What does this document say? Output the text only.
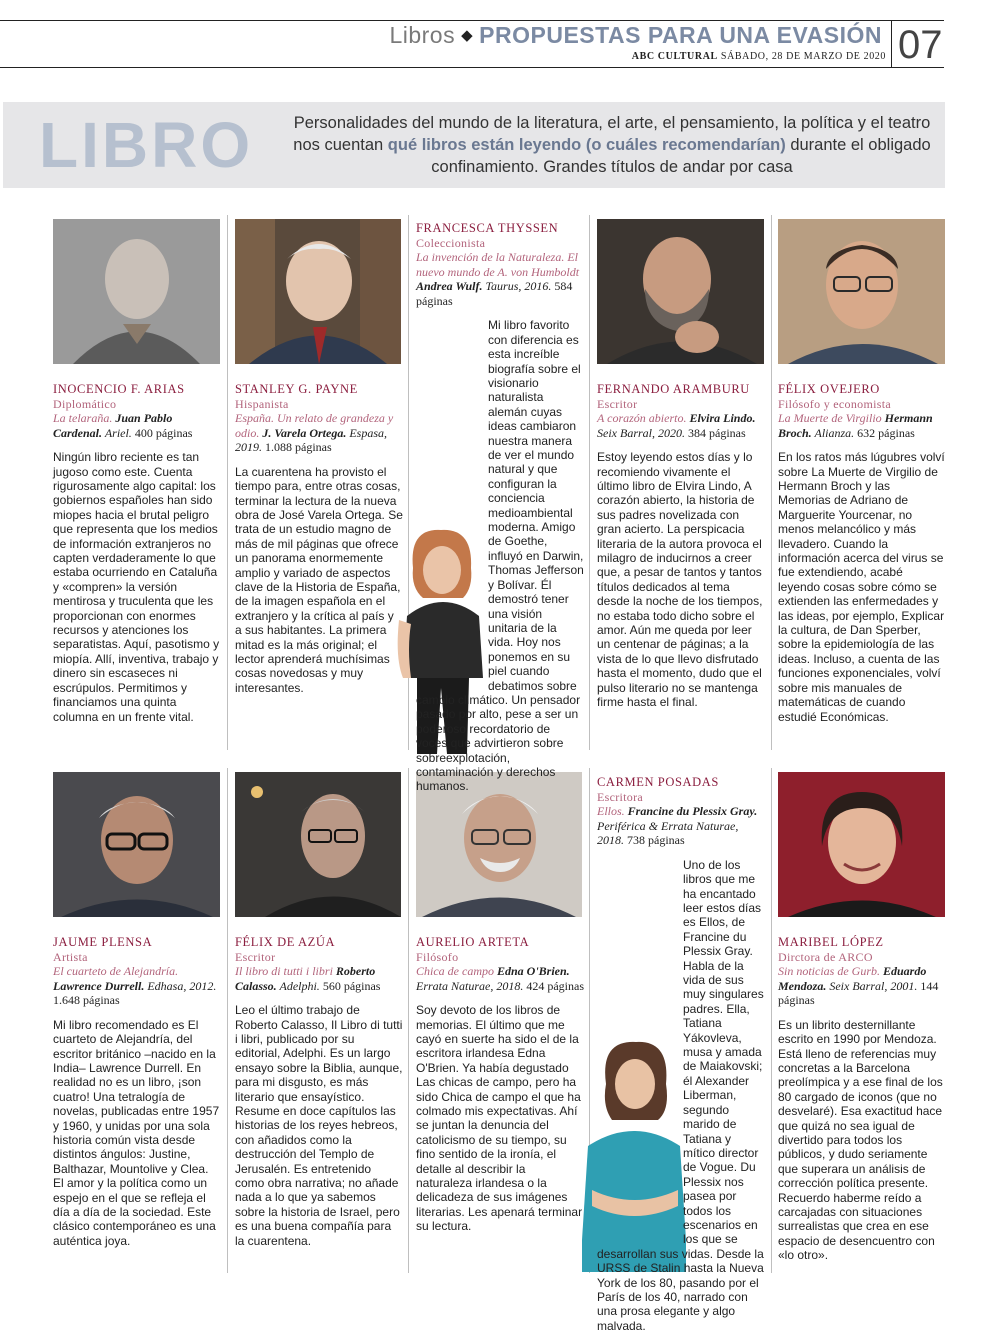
Libros ◆ PROPUESTAS PARA UNA EVASIÓN
ABC CULTURAL SÁBADO, 28 DE MARZO DE 2020 07
LIBRO	Personalidades del mundo de la literatura, el arte, el pensamiento, la política y el teatro nos cuentan qué libros están leyendo (o cuáles recomendarían) durante el obligado confinamiento. Grandes títulos de andar por casa
INOCENCIO F. ARIAS
Diplomático
La telaraña. Juan Pablo Cardenal. Ariel. 400 páginas
Ningún libro reciente es tan jugoso como este. Cuenta rigurosamente algo capital: los gobiernos españoles han sido miopes hacia el brutal peligro que representa que los medios de información extranjeros no capten verdaderamente lo que estaba ocurriendo en Cataluña y «compren» la versión mentirosa y truculenta que les proporcionan con enormes recursos y atenciones los separatistas. Aquí, pasotismo y miopía. Allí, inventiva, trabajo y dinero sin escaseces ni escrúpulos. Permitimos y financiamos una quinta columna en un frente vital.
STANLEY G. PAYNE
Hispanista
España. Un relato de grandeza y odio. J. Varela Ortega. Espasa, 2019. 1.088 páginas
La cuarentena ha provisto el tiempo para, entre otras cosas, terminar la lectura de la nueva obra de José Varela Ortega. Se trata de un estudio magno de más de mil páginas que ofrece un panorama enormemente amplio y variado de aspectos clave de la Historia de España, de la imagen española en el extranjero y la crítica al país y a sus habitantes. La primera mitad es la más original; el lector aprenderá muchísimas cosas novedosas y muy interesantes.
FRANCESCA THYSSEN
Coleccionista
La invención de la Naturaleza. El nuevo mundo de A. von Humboldt Andrea Wulf. Taurus, 2016. 584 páginas
Mi libro favorito con diferencia es esta increíble biografía sobre el visionario naturalista alemán cuyas ideas cambiaron nuestra manera de ver el mundo natural y que configuran la conciencia medioambiental moderna. Amigo de Goethe, influyó en Darwin, Thomas Jefferson y Bolívar. Él demostró tener una visión unitaria de la vida. Hoy nos ponemos en su piel cuando debatimos sobre cambio climático. Un pensador pasado por alto, pese a ser un poderoso recordatorio de voces que advirtieron sobre sobreexplotación, contaminación y derechos humanos.
FERNANDO ARAMBURU
Escritor
A corazón abierto. Elvira Lindo. Seix Barral, 2020. 384 páginas
Estoy leyendo estos días y lo recomiendo vivamente el último libro de Elvira Lindo, A corazón abierto, la historia de sus padres novelizada con gran acierto. La perspicacia literaria de la autora provoca el milagro de inducirnos a creer que, a pesar de tantos y tantos títulos dedicados al tema desde la noche de los tiempos, no estaba todo dicho sobre el amor. Aún me queda por leer un centenar de páginas; a la vista de lo que llevo disfrutado hasta el momento, dudo que el pulso literario no se mantenga firme hasta el final.
FÉLIX OVEJERO
Filósofo y economista
La Muerte de Virgilio Hermann Broch. Alianza. 632 páginas
En los ratos más lúgubres volví sobre La Muerte de Virgilio de Hermann Broch y las Memorias de Adriano de Marguerite Yourcenar, no menos melancólico y más llevadero. Cuando la información acerca del virus se fue extendiendo, acabé leyendo cosas sobre cómo se extienden las enfermedades y las ideas, por ejemplo, Explicar la cultura, de Dan Sperber, sobre la epidemiología de las ideas. Incluso, a cuenta de las funciones exponenciales, volví sobre mis manuales de matemáticas de cuando estudié Económicas.
JAUME PLENSA
Artista
El cuarteto de Alejandría. Lawrence Durrell. Edhasa, 2012. 1.648 páginas
Mi libro recomendado es El cuarteto de Alejandría, del escritor británico –nacido en la India– Lawrence Durrell. En realidad no es un libro, ¡son cuatro! Una tetralogía de novelas, publicadas entre 1957 y 1960, y unidas por una sola historia común vista desde distintos ángulos: Justine, Balthazar, Mountolive y Clea. El amor y la política como un espejo en el que se refleja el día a día de la sociedad. Este clásico contemporáneo es una auténtica joya.
FÉLIX DE AZÚA
Escritor
Il libro di tutti i libri Roberto Calasso. Adelphi. 560 páginas
Leo el último trabajo de Roberto Calasso, Il Libro di tutti i libri, publicado por su editorial, Adelphi. Es un largo ensayo sobre la Biblia, aunque, para mi disgusto, es más literario que ensayístico. Resume en doce capítulos las historias de los reyes hebreos, con añadidos como la destrucción del Templo de Jerusalén. Es entretenido como obra narrativa; no añade nada a lo que ya sabemos sobre la historia de Israel, pero es una buena compañía para la cuarentena.
AURELIO ARTETA
Filósofo
Chica de campo Edna O'Brien. Errata Naturae, 2018. 424 páginas
Soy devoto de los libros de memorias. El último que me cayó en suerte ha sido el de la escritora irlandesa Edna O'Brien. Ya había degustado Las chicas de campo, pero ha sido Chica de campo el que ha colmado mis expectativas. Ahí se juntan la denuncia del catolicismo de su tiempo, su fino sentido de la ironía, el detalle al describir la naturaleza irlandesa o la delicadeza de sus imágenes literarias. Les apenará terminar su lectura.
CARMEN POSADAS
Escritora
Ellos. Francine du Plessix Gray. Periférica & Errata Naturae, 2018. 738 páginas
Uno de los libros que me ha encantado leer estos días es Ellos, de Francine du Plessix Gray. Habla de la vida de sus muy singulares padres. Ella, Tatiana Yákovleva, musa y amada de Maiakovski; él Alexander Liberman, segundo marido de Tatiana y mítico director de Vogue. Du Plessix nos pasea por todos los escenarios en los que se desarrollan sus vidas. Desde la URSS de Stalin hasta la Nueva York de los 80, pasando por el París de los 40, narrado con una prosa elegante y algo malvada.
MARIBEL LÓPEZ
Dirctora de ARCO
Sin noticias de Gurb. Eduardo Mendoza. Seix Barral, 2001. 144 páginas
Es un librito desternillante escrito en 1990 por Mendoza. Está lleno de referencias muy concretas a la Barcelona preolímpica y a ese final de los 80 cargado de iconos (que no desvelaré). Esa exactitud hace que quizá no sea igual de divertido para todos los públicos, y dudo seriamente que superara un análisis de corrección política presente. Recuerdo haberme reído a carcajadas con situaciones surrealistas que crea en ese espacio de desencuentro con «lo otro».
